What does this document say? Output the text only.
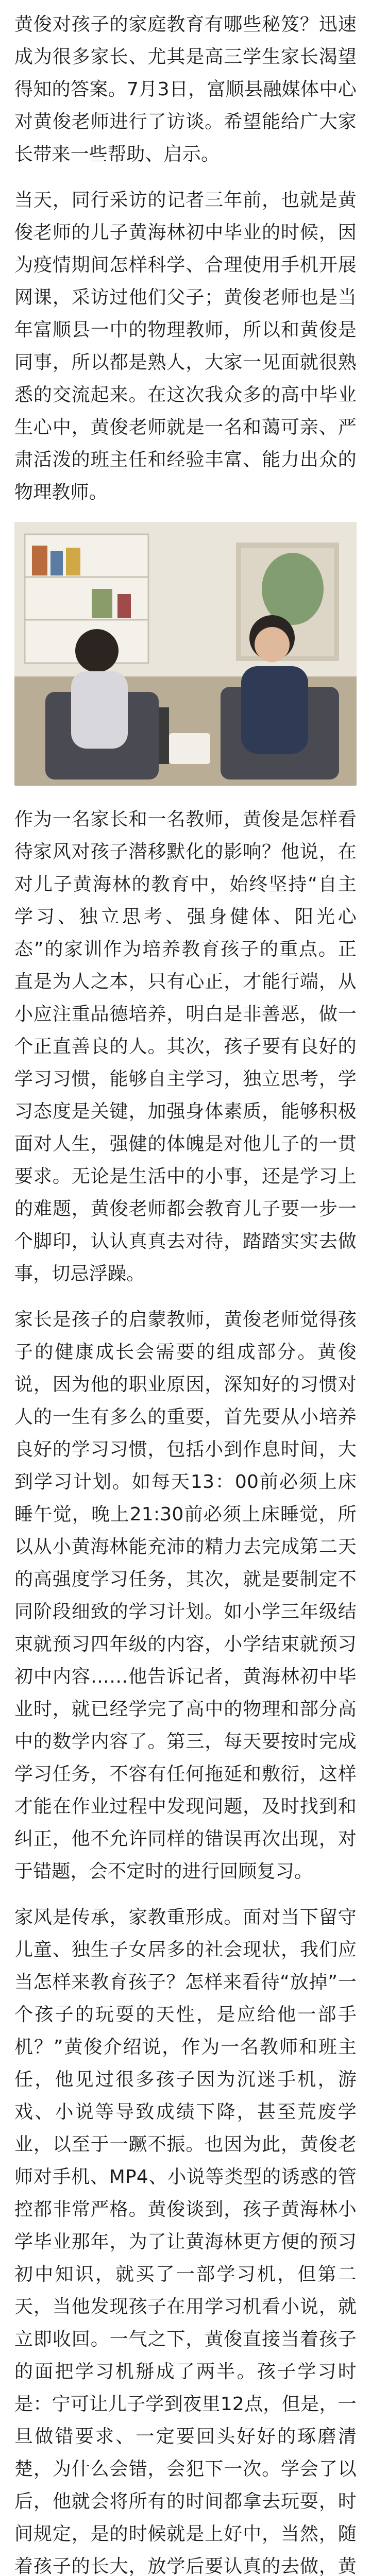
黄俊对孩子的家庭教育有哪些秘笈？迅速成为很多家长、尤其是高三学生家长渴望得知的答案。7月3日，富顺县融媒体中心对黄俊老师进行了访谈。希望能给广大家长带来一些帮助、启示。

当天，同行采访的记者三年前，也就是黄俊老师的儿子黄海林初中毕业的时候，因为疫情期间怎样科学、合理使用手机开展网课，采访过他们父子；黄俊老师也是当年富顺县一中的物理教师，所以和黄俊是同事，所以都是熟人，大家一见面就很熟悉的交流起来。在这次我众多的高中毕业生心中，黄俊老师就是一名和蔼可亲、严肃活泼的班主任和经验丰富、能力出众的物理教师。

作为一名家长和一名教师，黄俊是怎样看待家风对孩子潜移默化的影响？他说，在对儿子黄海林的教育中，始终坚持“自主学习、独立思考、强身健体、阳光心态”的家训作为培养教育孩子的重点。正直是为人之本，只有心正，才能行端，从小应注重品德培养，明白是非善恶，做一个正直善良的人。其次，孩子要有良好的学习习惯，能够自主学习，独立思考，学习态度是关键，加强身体素质，能够积极面对人生，强健的体魄是对他儿子的一贯要求。无论是生活中的小事，还是学习上的难题，黄俊老师都会教育儿子要一步一个脚印，认认真真去对待，踏踏实实去做事，切忌浮躁。

家长是孩子的启蒙教师，黄俊老师觉得孩子的健康成长会需要的组成部分。黄俊说，因为他的职业原因，深知好的习惯对人的一生有多么的重要，首先要从小培养良好的学习习惯，包括小到作息时间，大到学习计划。如每天13：00前必须上床睡午觉，晚上21:30前必须上床睡觉，所以从小黄海林能充沛的精力去完成第二天的高强度学习任务，其次，就是要制定不同阶段细致的学习计划。如小学三年级结束就预习四年级的内容，小学结束就预习初中内容……他告诉记者，黄海林初中毕业时，就已经学完了高中的物理和部分高中的数学内容了。第三，每天要按时完成学习任务，不容有任何拖延和敷衍，这样才能在作业过程中发现问题，及时找到和纠正，他不允许同样的错误再次出现，对于错题，会不定时的进行回顾复习。

家风是传承，家教重形成。面对当下留守儿童、独生子女居多的社会现状，我们应当怎样来教育孩子？怎样来看待“放掉”一个孩子的玩耍的天性，是应给他一部手机？”黄俊介绍说，作为一名教师和班主任，他见过很多孩子因为沉迷手机，游戏、小说等导致成绩下降，甚至荒废学业，以至于一蹶不振。也因为此，黄俊老师对手机、MP4、小说等类型的诱惑的管控都非常严格。黄俊谈到，孩子黄海林小学毕业那年，为了让黄海林更方便的预习初中知识，就买了一部学习机，但第二天，当他发现孩子在用学习机看小说，就立即收回。一气之下，黄俊直接当着孩子的面把学习机掰成了两半。孩子学习时是：宁可让儿子学到夜里12点，但是，一旦做错要求、一定要回头好好的琢磨清楚，为什么会错，会犯下一次。学会了以后，他就会将所有的时间都拿去玩耍，时间规定，是的时候就是上好中，当然，随着孩子的长大，放学后要认真的去做，黄
